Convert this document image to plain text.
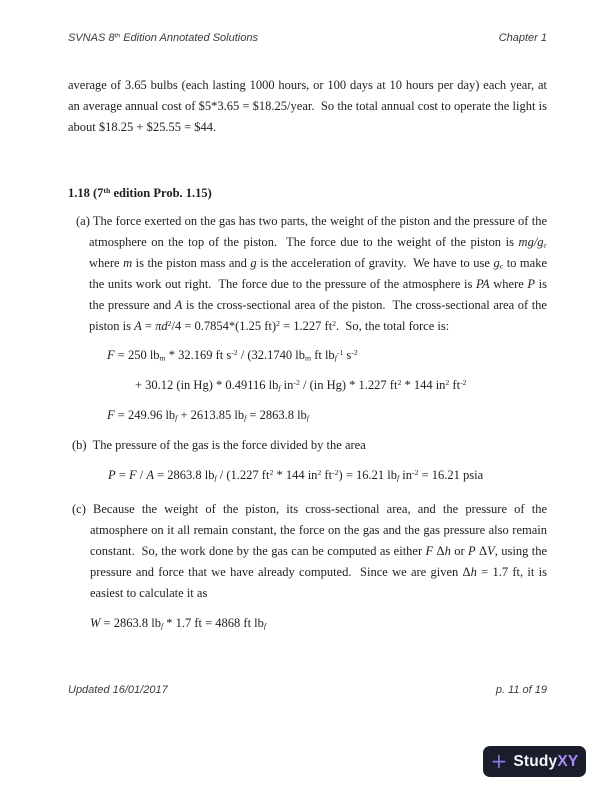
SVNAS 8th Edition Annotated Solutions	Chapter 1
average of 3.65 bulbs (each lasting 1000 hours, or 100 days at 10 hours per day) each year, at an average annual cost of $5*3.65 = $18.25/year.  So the total annual cost to operate the light is about $18.25 + $25.55 = $44.
1.18 (7th edition Prob. 1.15)
(a) The force exerted on the gas has two parts, the weight of the piston and the pressure of the atmosphere on the top of the piston.  The force due to the weight of the piston is mg/gc where m is the piston mass and g is the acceleration of gravity.  We have to use gc to make the units work out right.  The force due to the pressure of the atmosphere is PA where P is the pressure and A is the cross-sectional area of the piston.  The cross-sectional area of the piston is $A = \pi d^2/4 = 0.7854*(1.25$ ft)$^2$ = 1.227 $ft^2$.  So, the total force is:
F = 250 lbm * 32.169 ft $s^{-2} / (32.1740$ lbm ft lbf$^{-1}$ $s^{-2}$
+ 30.12 (in Hg) * 0.49116 lbf $in^{-2} / (in$ Hg) * 1.227 $ft^2 * 144$ $in^2$ $ft^{-2}$
F = 249.96 lbf + 2613.85 lbf = 2863.8 lbf
(b)  The pressure of the gas is the force divided by the area
P = F / A = 2863.8 lbf / (1.227 $ft^2 * 144$ $in^2$ $ft^{-2}) = 16.21$ lbf $in^{-2} = 16.21$ psia
(c) Because the weight of the piston, its cross-sectional area, and the pressure of the atmosphere on it all remain constant, the force on the gas and the gas pressure also remain constant.  So, the work done by the gas can be computed as either F Δh or P ΔV, using the pressure and force that we have already computed.  Since we are given Δh = 1.7 ft, it is easiest to calculate it as
W = 2863.8 lbf * 1.7 ft = 4868 ft lbf
Updated 16/01/2017	p. 11 of 19
+ StudyXY
